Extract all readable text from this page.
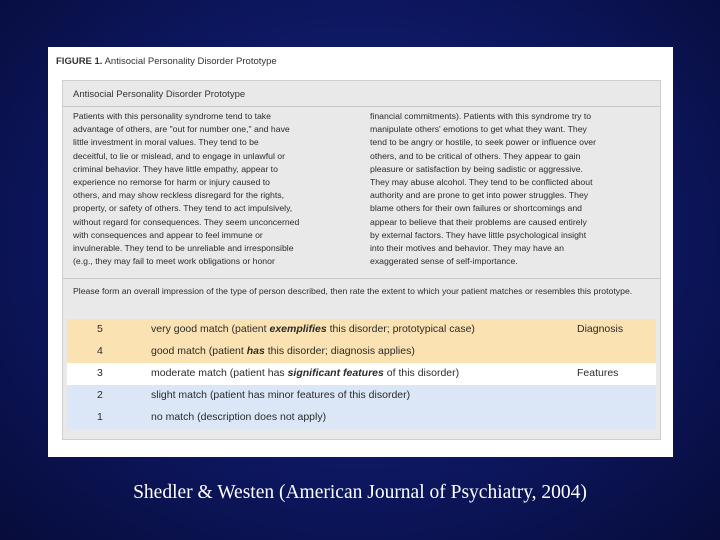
FIGURE 1. Antisocial Personality Disorder Prototype
Antisocial Personality Disorder Prototype
Patients with this personality syndrome tend to take
advantage of others, are "out for number one," and have
little investment in moral values. They tend to be
deceitful, to lie or mislead, and to engage in unlawful or
criminal behavior. They have little empathy, appear to
experience no remorse for harm or injury caused to
others, and may show reckless disregard for the rights,
property, or safety of others. They tend to act impulsively,
without regard for consequences. They seem unconcerned
with consequences and appear to feel immune or
invulnerable. They tend to be unreliable and irresponsible
(e.g., they may fail to meet work obligations or honor
financial commitments). Patients with this syndrome try to
manipulate others' emotions to get what they want. They
tend to be angry or hostile, to seek power or influence over
others, and to be critical of others. They appear to gain
pleasure or satisfaction by being sadistic or aggressive.
They may abuse alcohol. They tend to be conflicted about
authority and are prone to get into power struggles. They
blame others for their own failures or shortcomings and
appear to believe that their problems are caused entirely
by external factors. They have little psychological insight
into their motives and behavior. They may have an
exaggerated sense of self-importance.
Please form an overall impression of the type of person described, then rate the extent to which your patient matches or resembles this prototype.
5	very good match (patient exemplifies this disorder; prototypical case)	Diagnosis
4	good match (patient has this disorder; diagnosis applies)
3	moderate match (patient has significant features of this disorder)	Features
2	slight match (patient has minor features of this disorder)
1	no match (description does not apply)
Shedler & Westen (American Journal of Psychiatry, 2004)
